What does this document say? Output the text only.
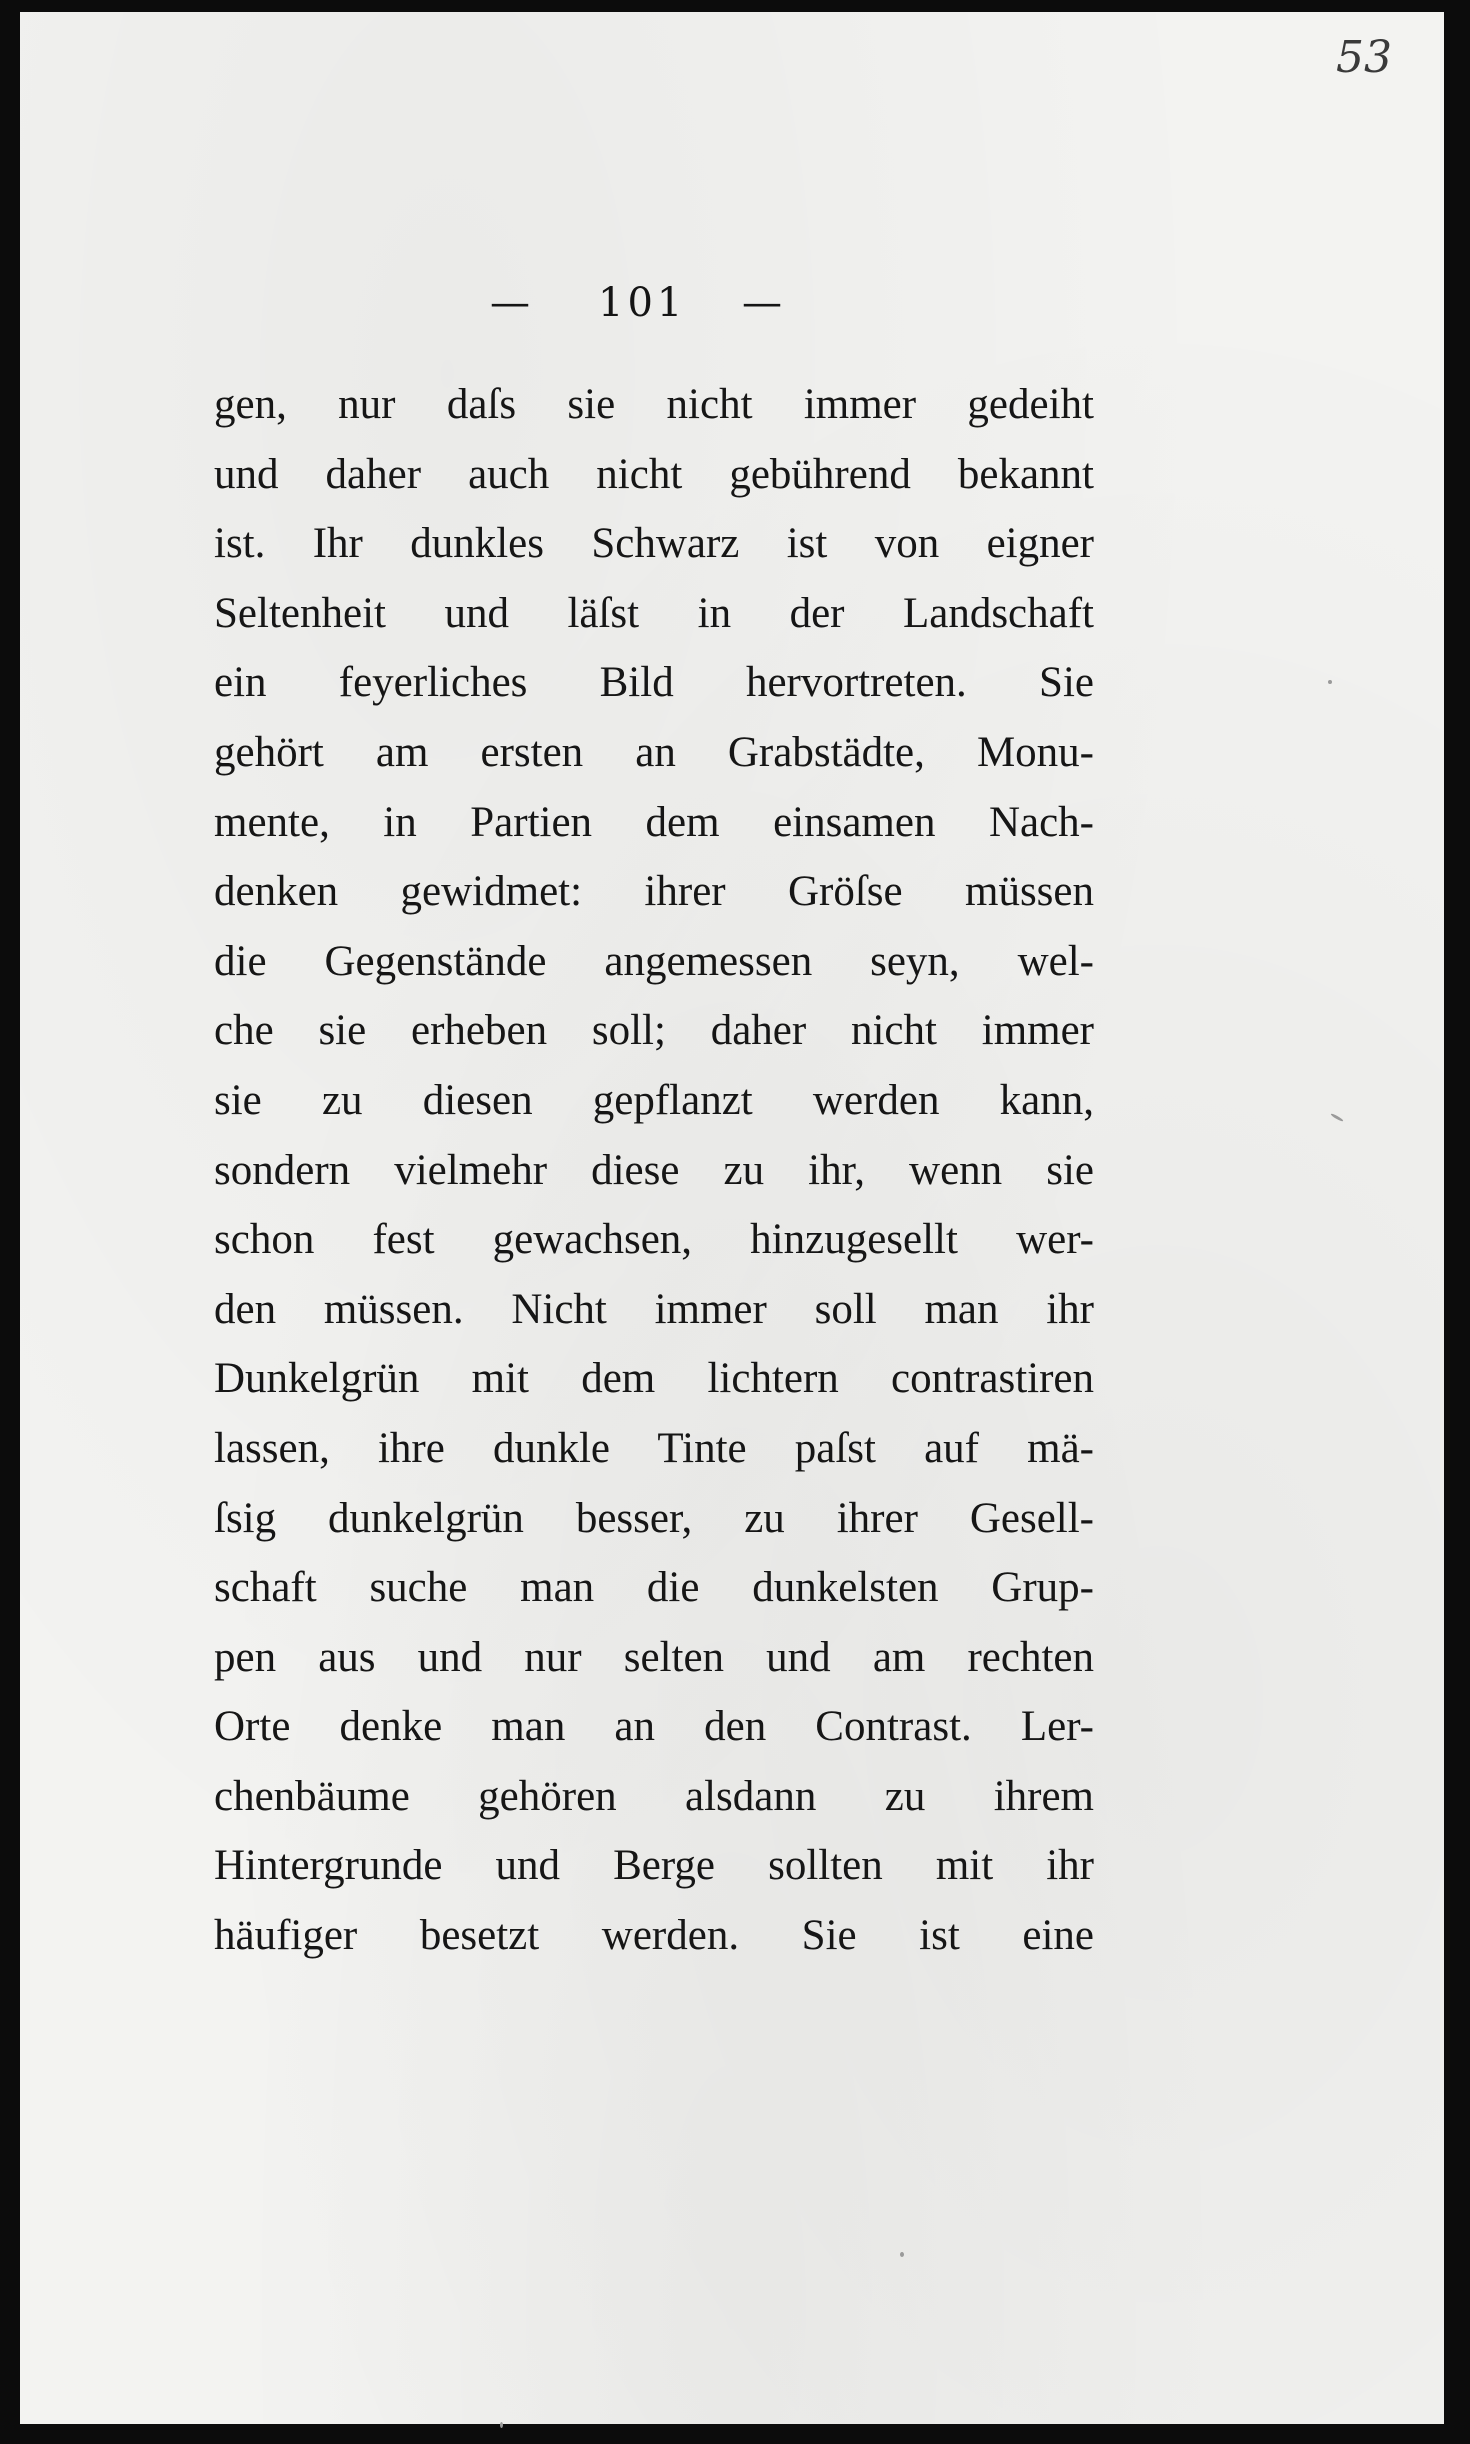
53
— 101 —
gen, nur daſs sie nicht immer gedeiht
und daher auch nicht gebührend bekannt
ist. Ihr dunkles Schwarz ist von eigner
Seltenheit und läſst in der Landschaft
ein feyerliches Bild hervortreten. Sie
gehört am ersten an Grabstädte, Monu-
mente, in Partien dem einsamen Nach-
denken gewidmet: ihrer Gröſse müssen
die Gegenstände angemessen seyn, wel-
che sie erheben soll; daher nicht immer
sie zu diesen gepflanzt werden kann,
sondern vielmehr diese zu ihr, wenn sie
schon fest gewachsen, hinzugesellt wer-
den müssen. Nicht immer soll man ihr
Dunkelgrün mit dem lichtern contrastiren
lassen, ihre dunkle Tinte paſst auf mä-
ſsig dunkelgrün besser, zu ihrer Gesell-
schaft suche man die dunkelsten Grup-
pen aus und nur selten und am rechten
Orte denke man an den Contrast. Ler-
chenbäume gehören alsdann zu ihrem
Hintergrunde und Berge sollten mit ihr
häufiger besetzt werden. Sie ist eine
